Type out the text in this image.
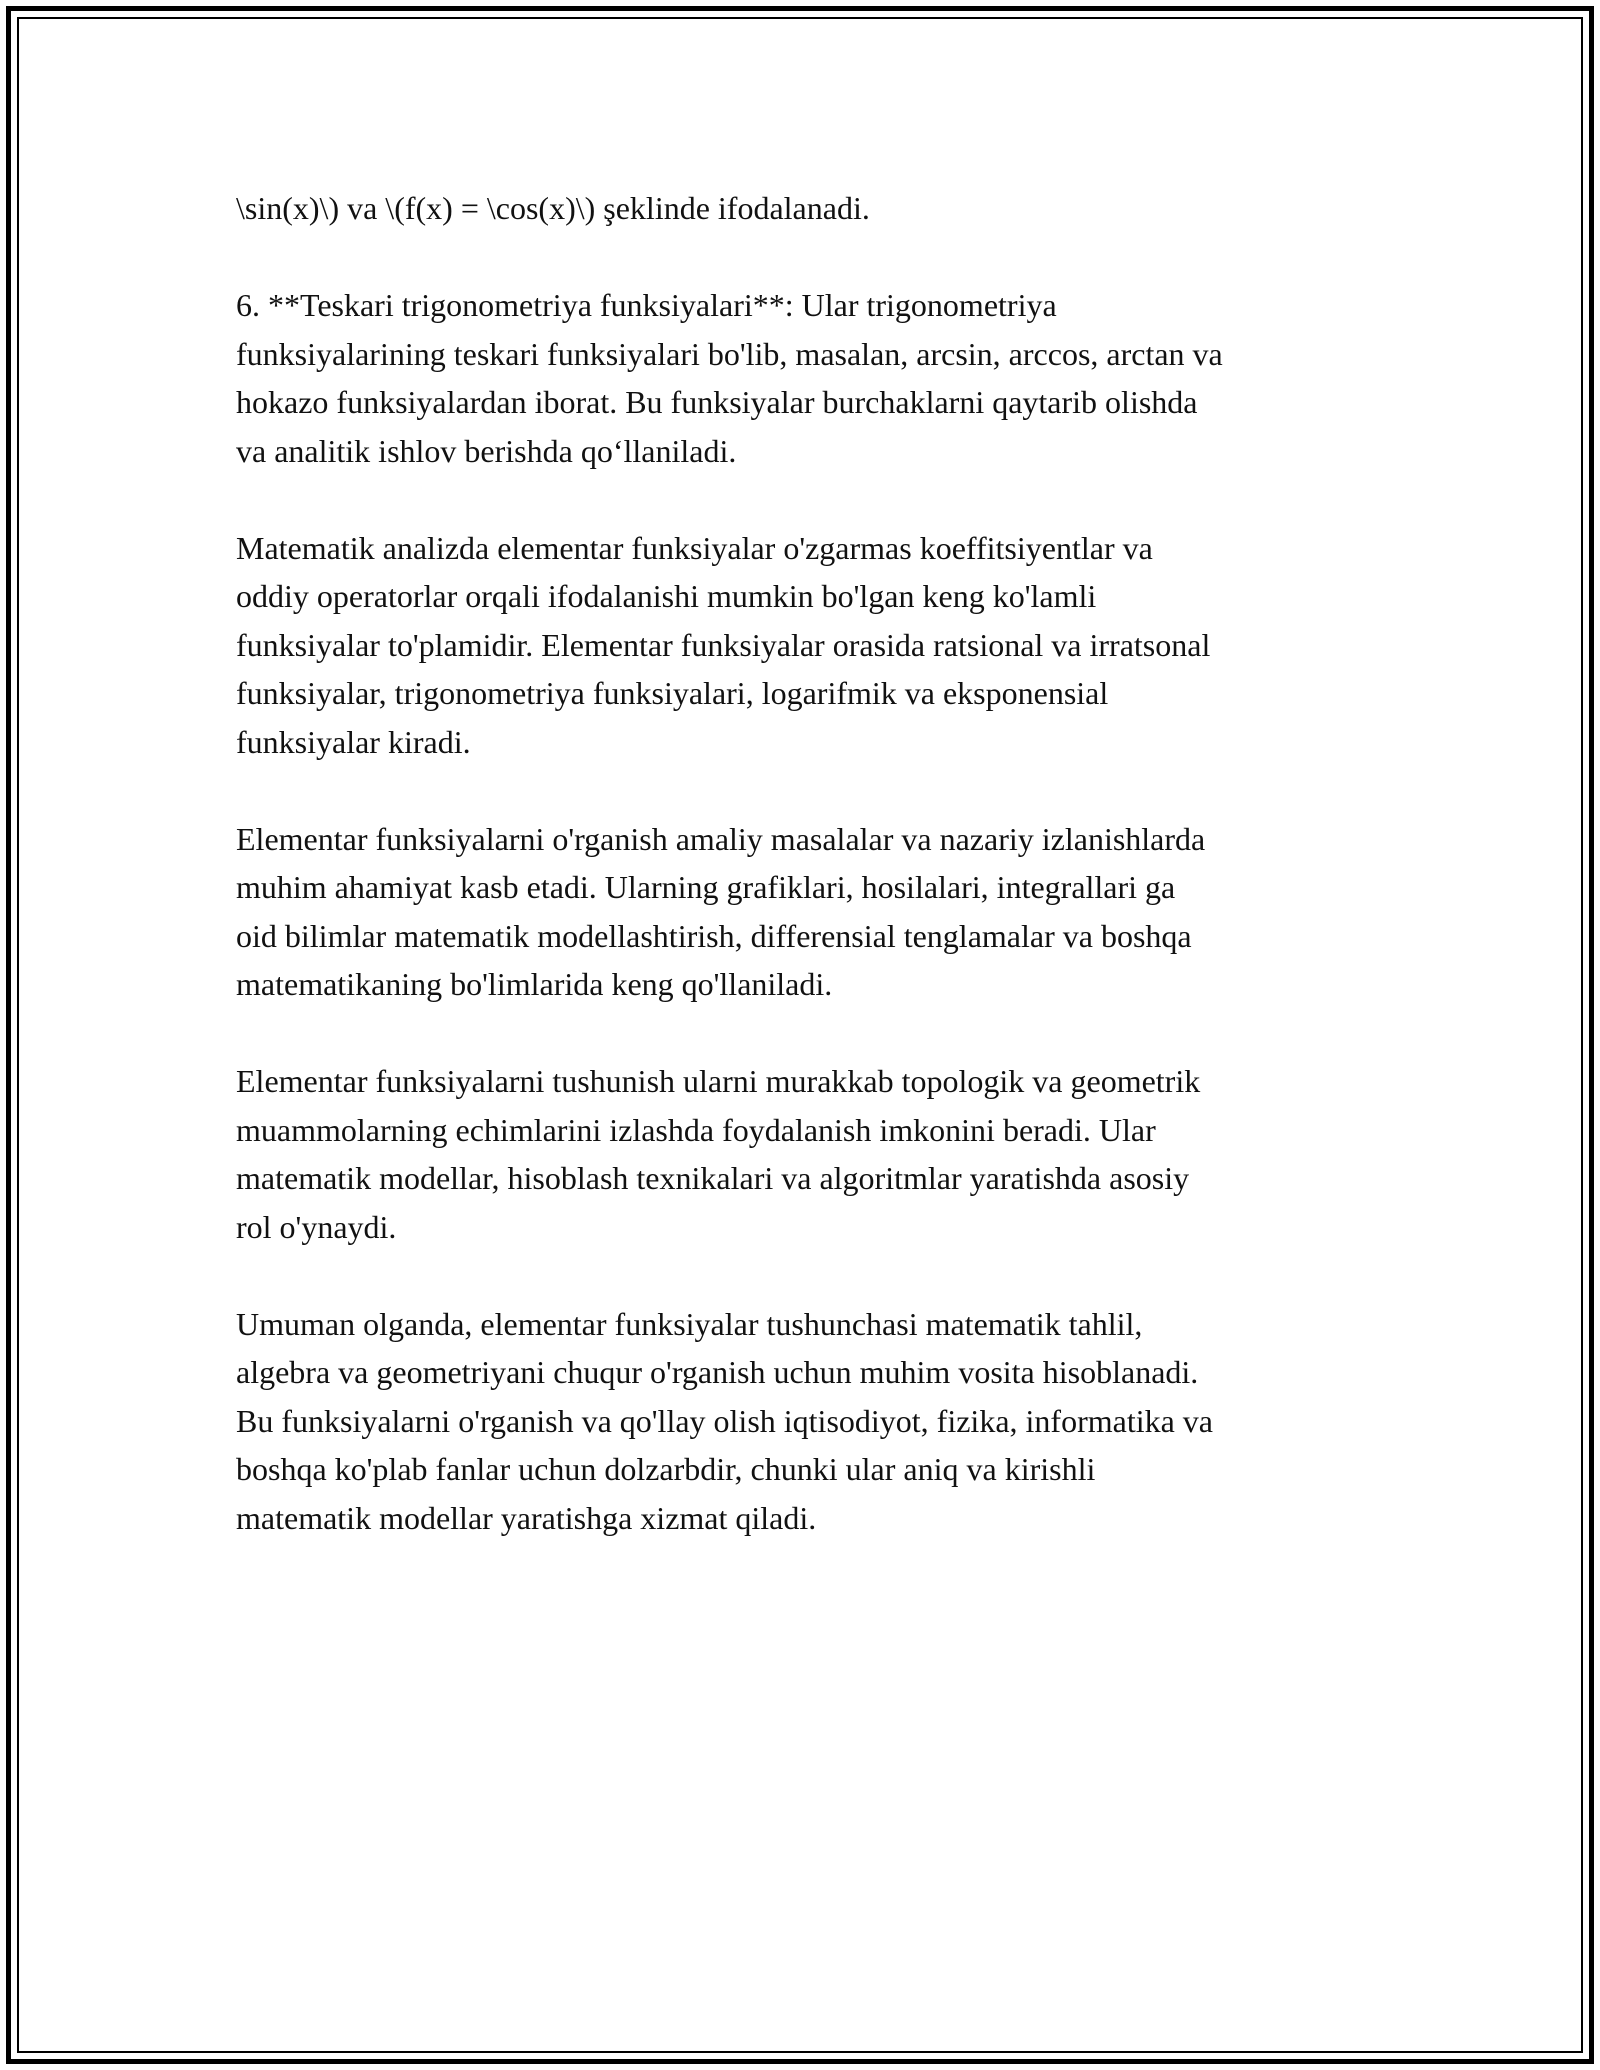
\sin(x)\) va \(f(x) = \cos(x)\) şeklinde ifodalanadi.

6. **Teskari trigonometriya funksiyalari**: Ular trigonometriya
funksiyalarining teskari funksiyalari bo'lib, masalan, arcsin, arccos, arctan va
hokazo funksiyalardan iborat. Bu funksiyalar burchaklarni qaytarib olishda
va analitik ishlov berishda qo‘llaniladi.

Matematik analizda elementar funksiyalar o'zgarmas koeffitsiyentlar va
oddiy operatorlar orqali ifodalanishi mumkin bo'lgan keng ko'lamli
funksiyalar to'plamidir. Elementar funksiyalar orasida ratsional va irratsonal
funksiyalar, trigonometriya funksiyalari, logarifmik va eksponensial
funksiyalar kiradi.

Elementar funksiyalarni o'rganish amaliy masalalar va nazariy izlanishlarda
muhim ahamiyat kasb etadi. Ularning grafiklari, hosilalari, integrallari ga
oid bilimlar matematik modellashtirish, differensial tenglamalar va boshqa
matematikaning bo'limlarida keng qo'llaniladi.

Elementar funksiyalarni tushunish ularni murakkab topologik va geometrik
muammolarning echimlarini izlashda foydalanish imkonini beradi. Ular
matematik modellar, hisoblash texnikalari va algoritmlar yaratishda asosiy
rol o'ynaydi.

Umuman olganda, elementar funksiyalar tushunchasi matematik tahlil,
algebra va geometriyani chuqur o'rganish uchun muhim vosita hisoblanadi.
Bu funksiyalarni o'rganish va qo'llay olish iqtisodiyot, fizika, informatika va
boshqa ko'plab fanlar uchun dolzarbdir, chunki ular aniq va kirishli
matematik modellar yaratishga xizmat qiladi.
